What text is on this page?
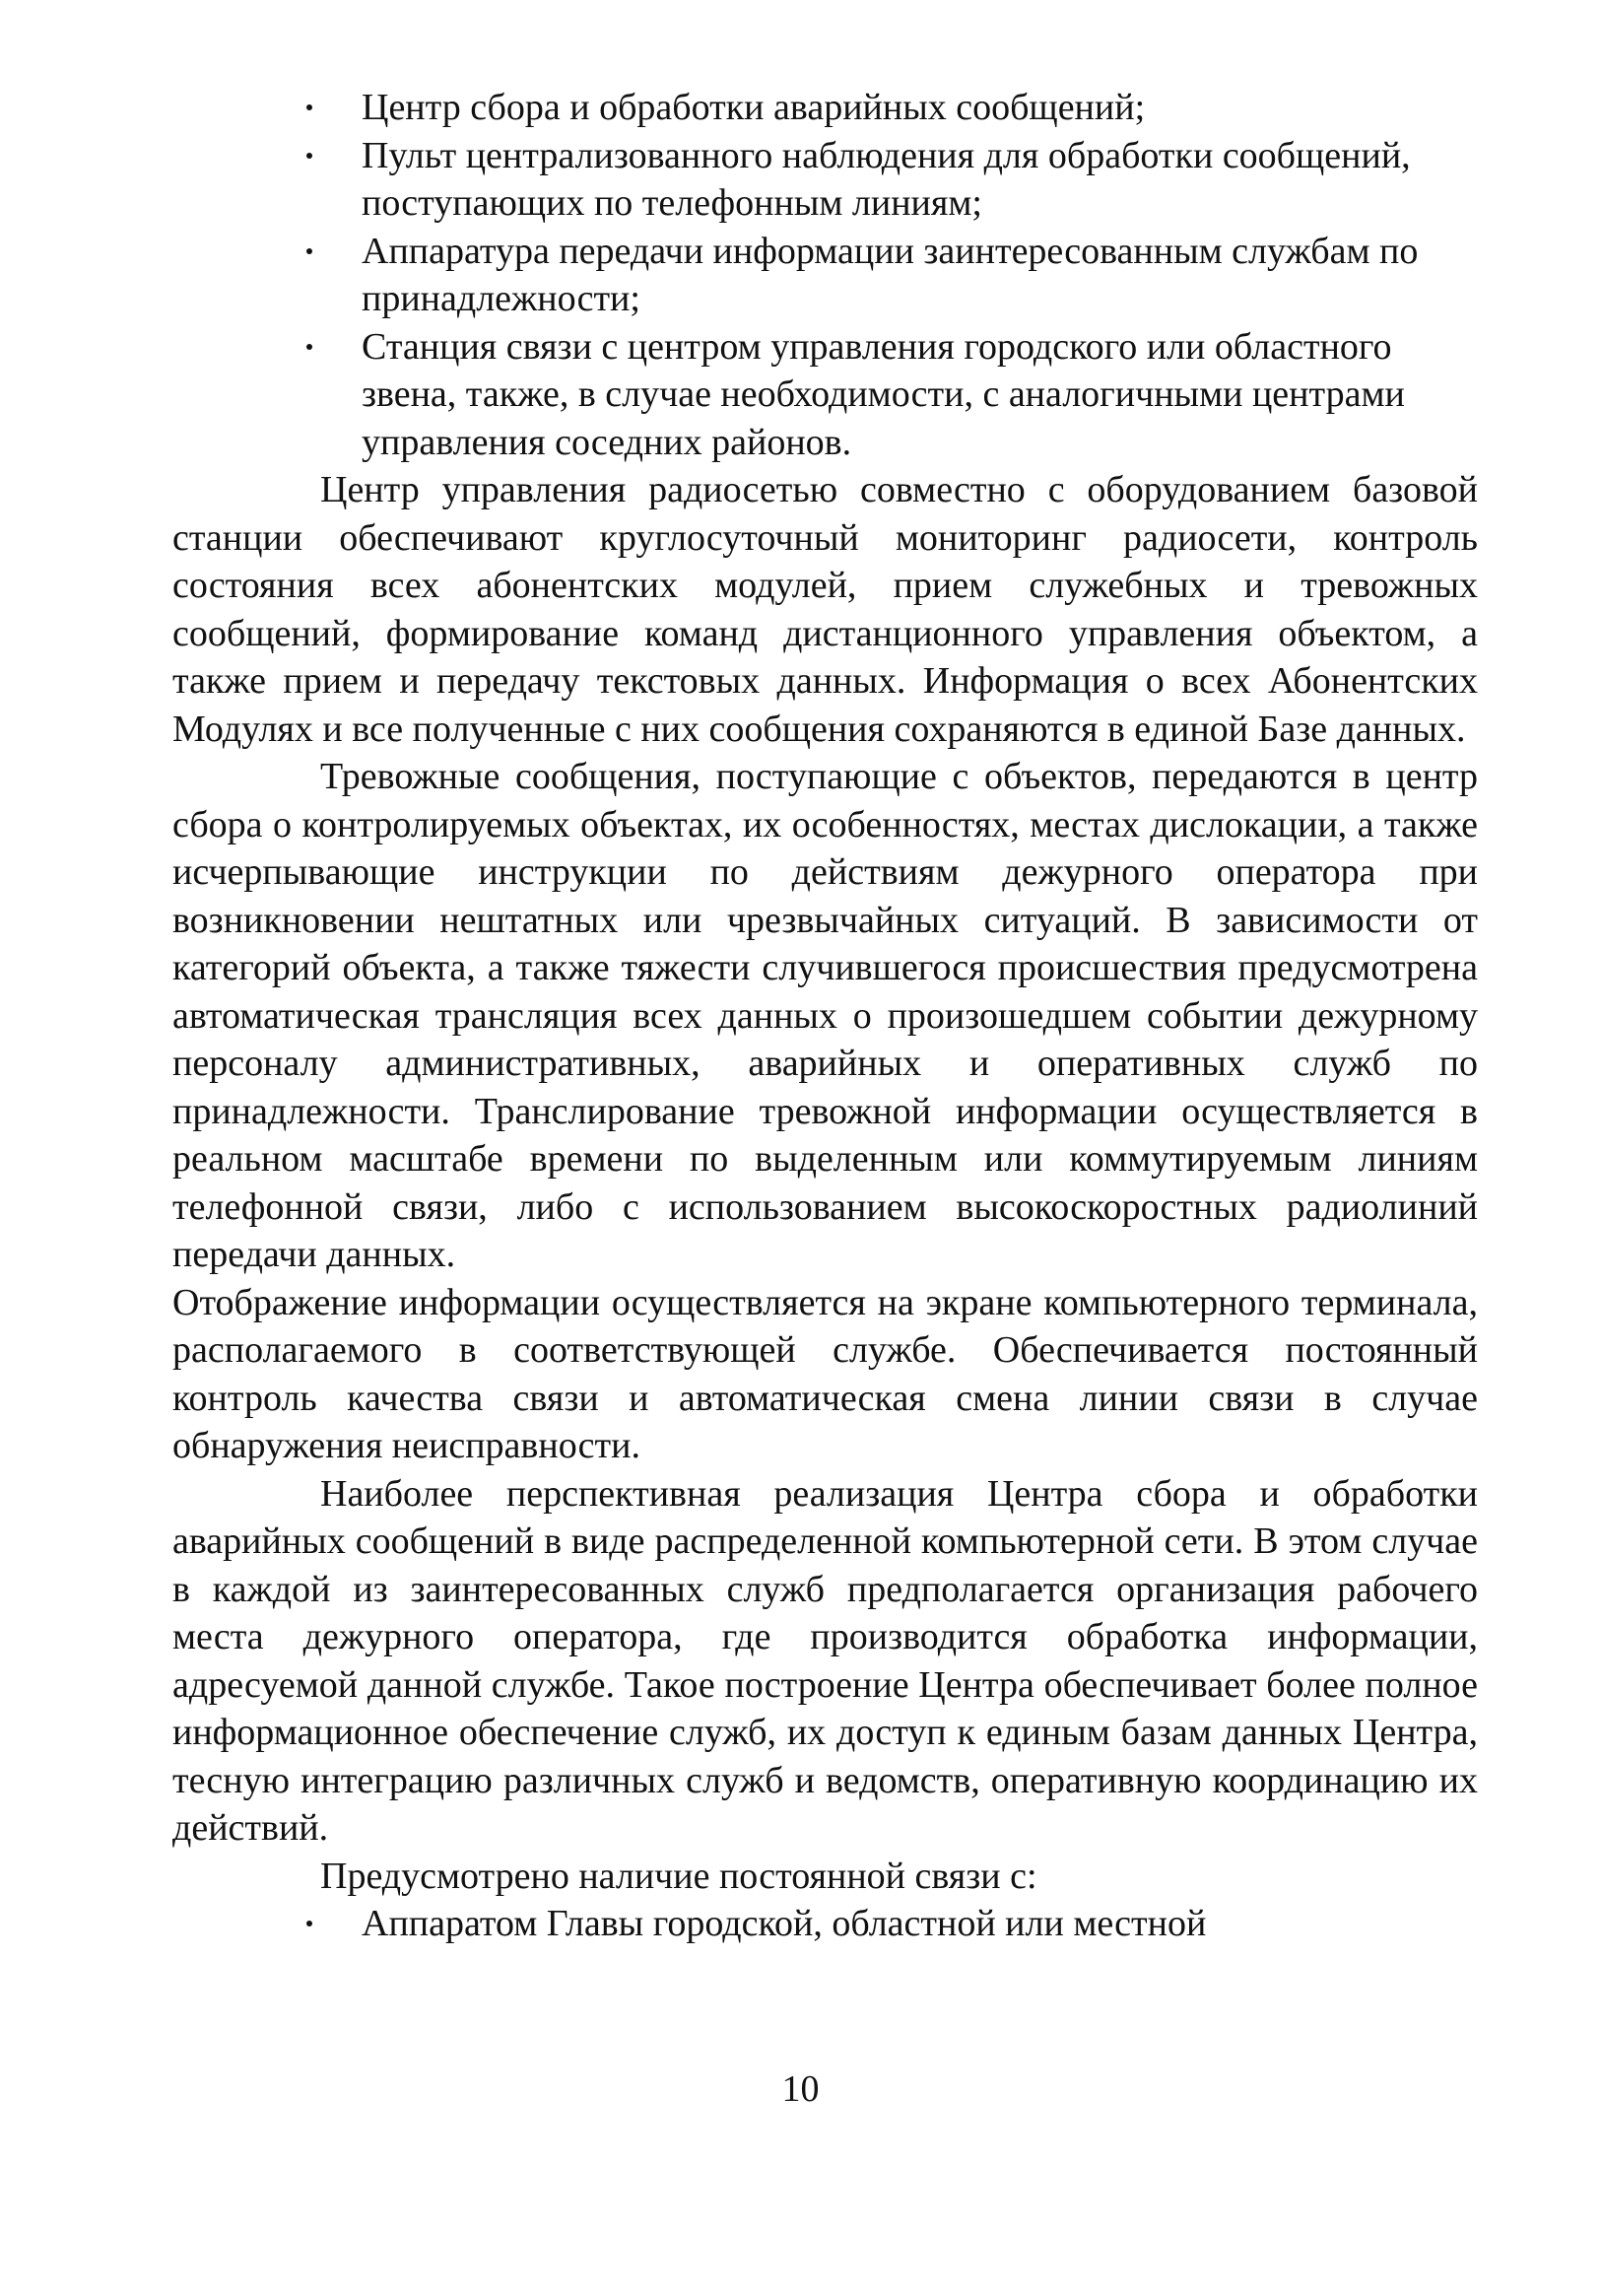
Центр сбора и обработки аварийных сообщений;
Пульт централизованного наблюдения для обработки сообщений, поступающих по телефонным линиям;
Аппаратура передачи информации заинтересованным службам по принадлежности;
Станция связи с центром управления городского или областного звена, также, в случае необходимости, с аналогичными центрами управления соседних районов.

Центр управления радиосетью совместно с оборудованием базовой станции обеспечивают круглосуточный мониторинг радиосети, контроль состояния всех абонентских модулей, прием служебных и тревожных сообщений, формирование команд дистанционного управления объектом, а также прием и передачу текстовых данных. Информация о всех Абонентских Модулях и все полученные с них сообщения сохраняются в единой Базе данных.

Тревожные сообщения, поступающие с объектов, передаются в центр сбора о контролируемых объектах, их особенностях, местах дислокации, а также исчерпывающие инструкции по действиям дежурного оператора при возникновении нештатных или чрезвычайных ситуаций. В зависимости от категорий объекта, а также тяжести случившегося происшествия предусмотрена автоматическая трансляция всех данных о произошедшем событии дежурному персоналу административных, аварийных и оперативных служб по принадлежности. Транслирование тревожной информации осуществляется в реальном масштабе времени по выделенным или коммутируемым линиям телефонной связи, либо с использованием высокоскоростных радиолиний передачи данных.

Отображение информации осуществляется на экране компьютерного терминала, располагаемого в соответствующей службе. Обеспечивается постоянный контроль качества связи и автоматическая смена линии связи в случае обнаружения неисправности.

Наиболее перспективная реализация Центра сбора и обработки аварийных сообщений в виде распределенной компьютерной сети. В этом случае в каждой из заинтересованных служб предполагается организация рабочего места дежурного оператора, где производится обработка информации, адресуемой данной службе. Такое построение Центра обеспечивает более полное информационное обеспечение служб, их доступ к единым базам данных Центра, тесную интеграцию различных служб и ведомств, оперативную координацию их действий.

Предусмотрено наличие постоянной связи с:

Аппаратом Главы городской, областной или местной
10
